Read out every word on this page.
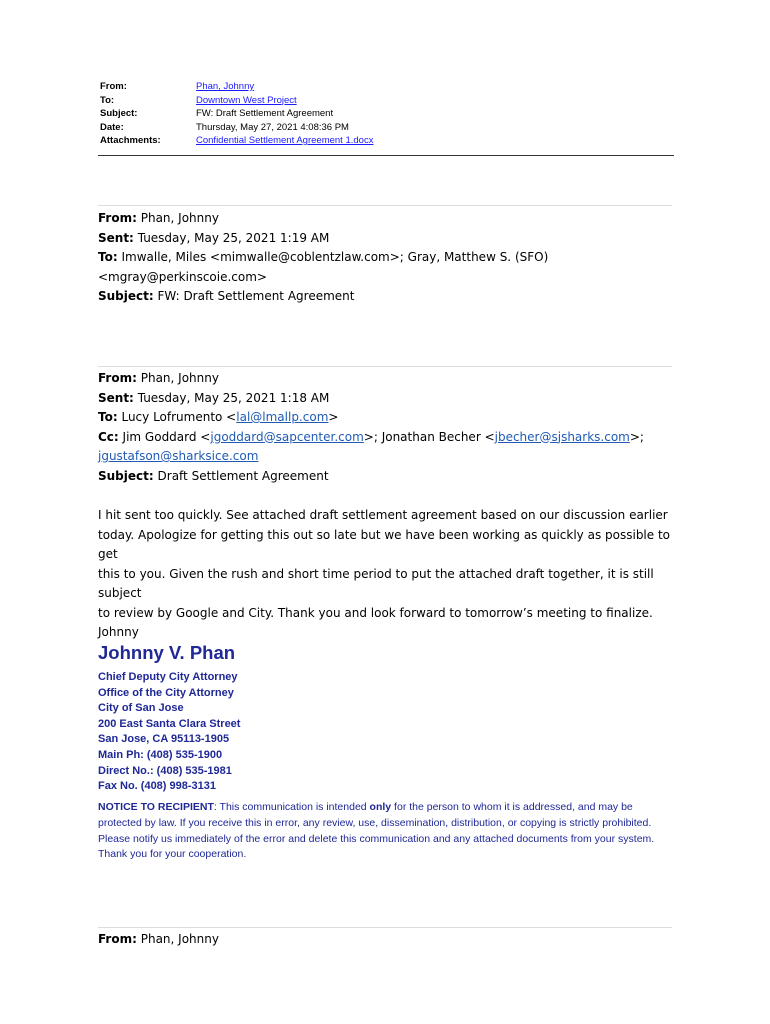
From:	Phan, Johnny
To:	Downtown West Project
Subject:	FW: Draft Settlement Agreement
Date:	Thursday, May 27, 2021 4:08:36 PM
Attachments:	Confidential Settlement Agreement 1.docx
From: Phan, Johnny
Sent: Tuesday, May 25, 2021 1:19 AM
To: Imwalle, Miles <mimwalle@coblentzlaw.com>; Gray, Matthew S. (SFO)
<mgray@perkinscoie.com>
Subject: FW: Draft Settlement Agreement
From: Phan, Johnny
Sent: Tuesday, May 25, 2021 1:18 AM
To: Lucy Lofrumento <lal@lmallp.com>
Cc: Jim Goddard <jgoddard@sapcenter.com>; Jonathan Becher <jbecher@sjsharks.com>;
jgustafson@sharksice.com
Subject: Draft Settlement Agreement
I hit sent too quickly. See attached draft settlement agreement based on our discussion earlier
today. Apologize for getting this out so late but we have been working as quickly as possible to get
this to you. Given the rush and short time period to put the attached draft together, it is still subject
to review by Google and City. Thank you and look forward to tomorrow’s meeting to finalize.
Johnny
Johnny V. Phan
Chief Deputy City Attorney
Office of the City Attorney
City of San Jose
200 East Santa Clara Street
San Jose, CA 95113-1905
Main Ph: (408) 535-1900
Direct No.: (408) 535-1981
Fax No. (408) 998-3131
NOTICE TO RECIPIENT: This communication is intended only for the person to whom it is addressed, and may be protected by law. If you receive this in error, any review, use, dissemination, distribution, or copying is strictly prohibited. Please notify us immediately of the error and delete this communication and any attached documents from your system. Thank you for your cooperation.
From: Phan, Johnny
